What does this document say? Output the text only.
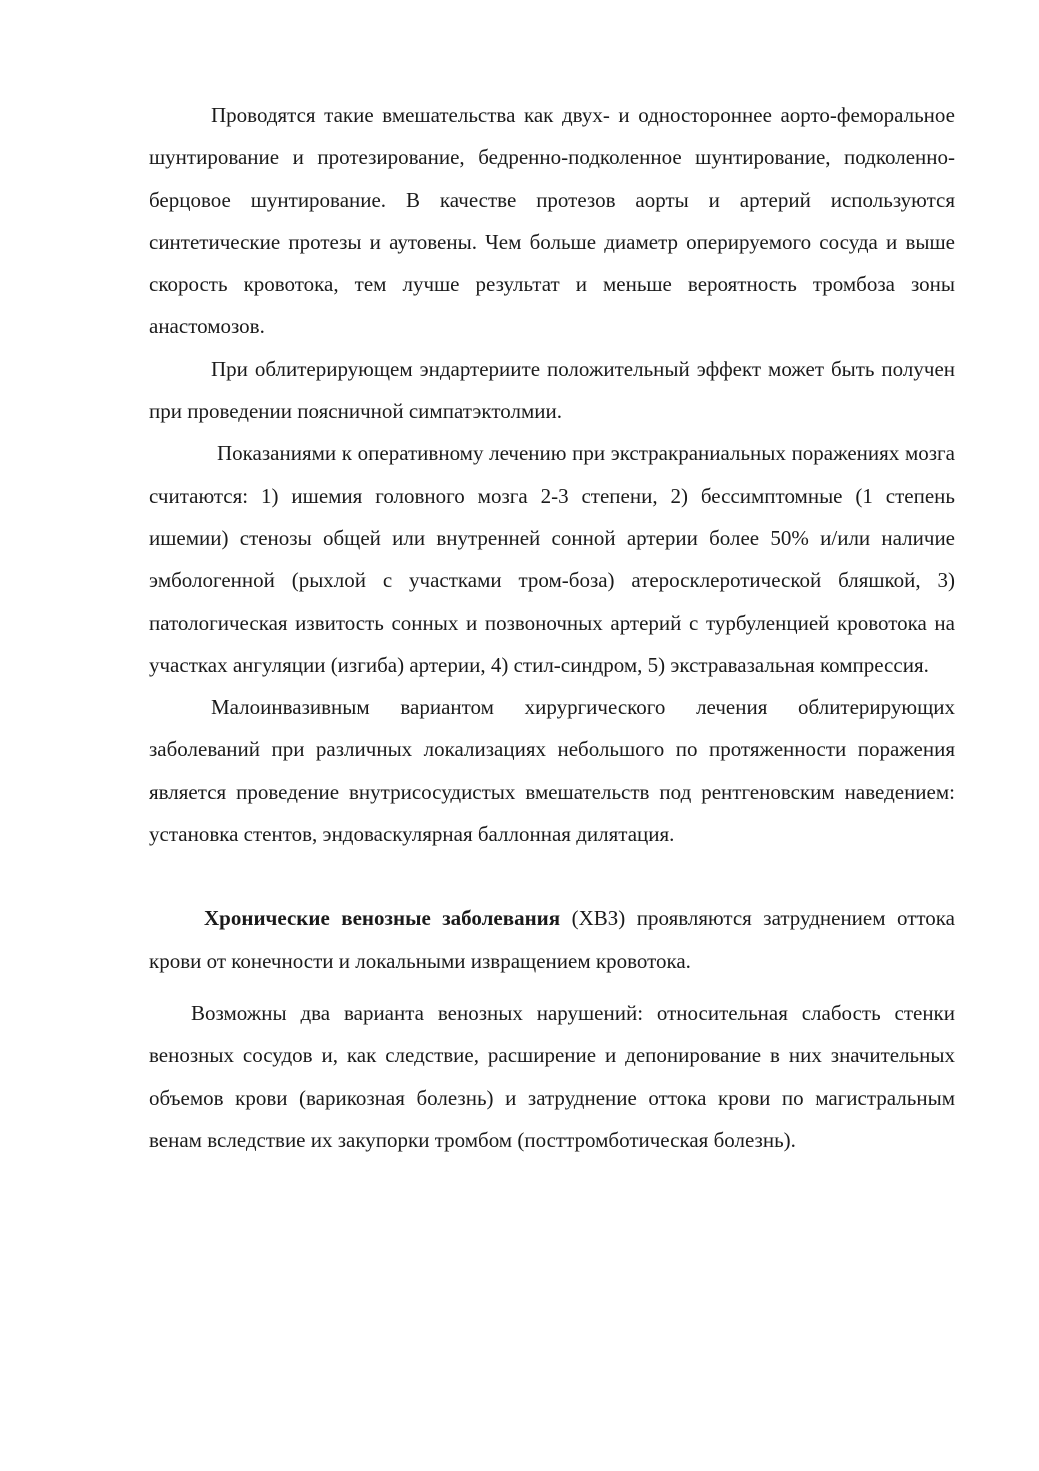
Проводятся такие вмешательства как двух- и одностороннее аорто-феморальное шунтирование и протезирование, бедренно-подколенное шунтирование, подколенно-берцовое шунтирование. В качестве протезов аорты и артерий используются синтетические протезы и аутовены. Чем больше диаметр оперируемого сосуда и выше скорость кровотока, тем лучше результат и меньше вероятность тромбоза зоны анастомозов.

При облитерирующем эндартериите положительный эффект может быть получен при проведении поясничной симпатэктолмии.

Показаниями к оперативному лечению при экстракраниальных поражениях мозга считаются: 1) ишемия головного мозга 2-3 степени, 2) бессимптомные (1 степень ишемии) стенозы общей или внутренней сонной артерии более 50% и/или наличие эмбологенной (рыхлой с участками тром-боза) атеросклеротической бляшкой, 3) патологическая извитость сонных и позвоночных артерий с турбуленцией кровотока на участках ангуляции (изгиба) артерии, 4) стил-синдром, 5) экстравазальная компрессия.

Малоинвазивным вариантом хирургического лечения облитерирующих заболеваний при различных локализациях небольшого по протяженности поражения является проведение внутрисосудистых вмешательств под рентгеновским наведением: установка стентов, эндоваскулярная баллонная дилятация.

Хронические венозные заболевания (ХВЗ) проявляются затруднением оттока крови от конечности и локальными извращением кровотока.

Возможны два варианта венозных нарушений: относительная слабость стенки венозных сосудов и, как следствие, расширение и депонирование в них значительных объемов крови (варикозная болезнь) и затруднение оттока крови по магистральным венам вследствие их закупорки тромбом (посттромботическая болезнь).
